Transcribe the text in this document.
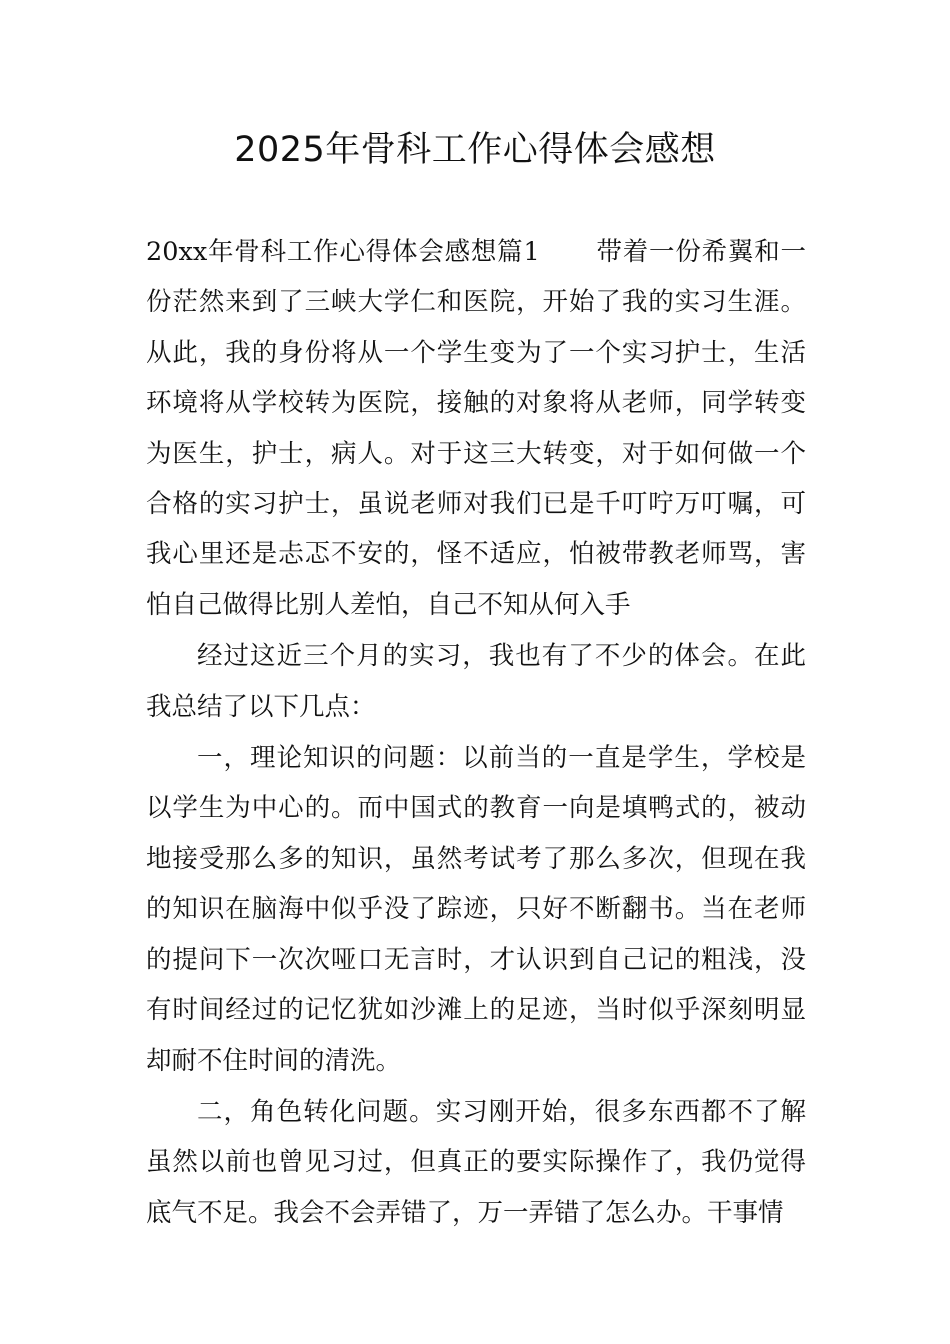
2025年骨科工作心得体会感想

20xx年骨科工作心得体会感想篇1 带着一份希翼和一份茫然来到了三峡大学仁和医院，开始了我的实习生涯。从此，我的身份将从一个学生变为了一个实习护士，生活环境将从学校转为医院，接触的对象将从老师，同学转变为医生，护士，病人。对于这三大转变，对于如何做一个合格的实习护士，虽说老师对我们已是千叮咛万叮嘱，可我心里还是忐忑不安的，怪不适应，怕被带教老师骂，害怕自己做得比别人差怕，自己不知从何入手

经过这近三个月的实习，我也有了不少的体会。在此我总结了以下几点：

一，理论知识的问题：以前当的一直是学生，学校是以学生为中心的。而中国式的教育一向是填鸭式的，被动地接受那么多的知识，虽然考试考了那么多次，但现在我的知识在脑海中似乎没了踪迹，只好不断翻书。当在老师的提问下一次次哑口无言时，才认识到自己记的粗浅，没有时间经过的记忆犹如沙滩上的足迹，当时似乎深刻明显却耐不住时间的清洗。

二，角色转化问题。实习刚开始，很多东西都不了解虽然以前也曾见习过，但真正的要实际操作了，我仍觉得底气不足。我会不会弄错了，万一弄错了怎么办。干事情
